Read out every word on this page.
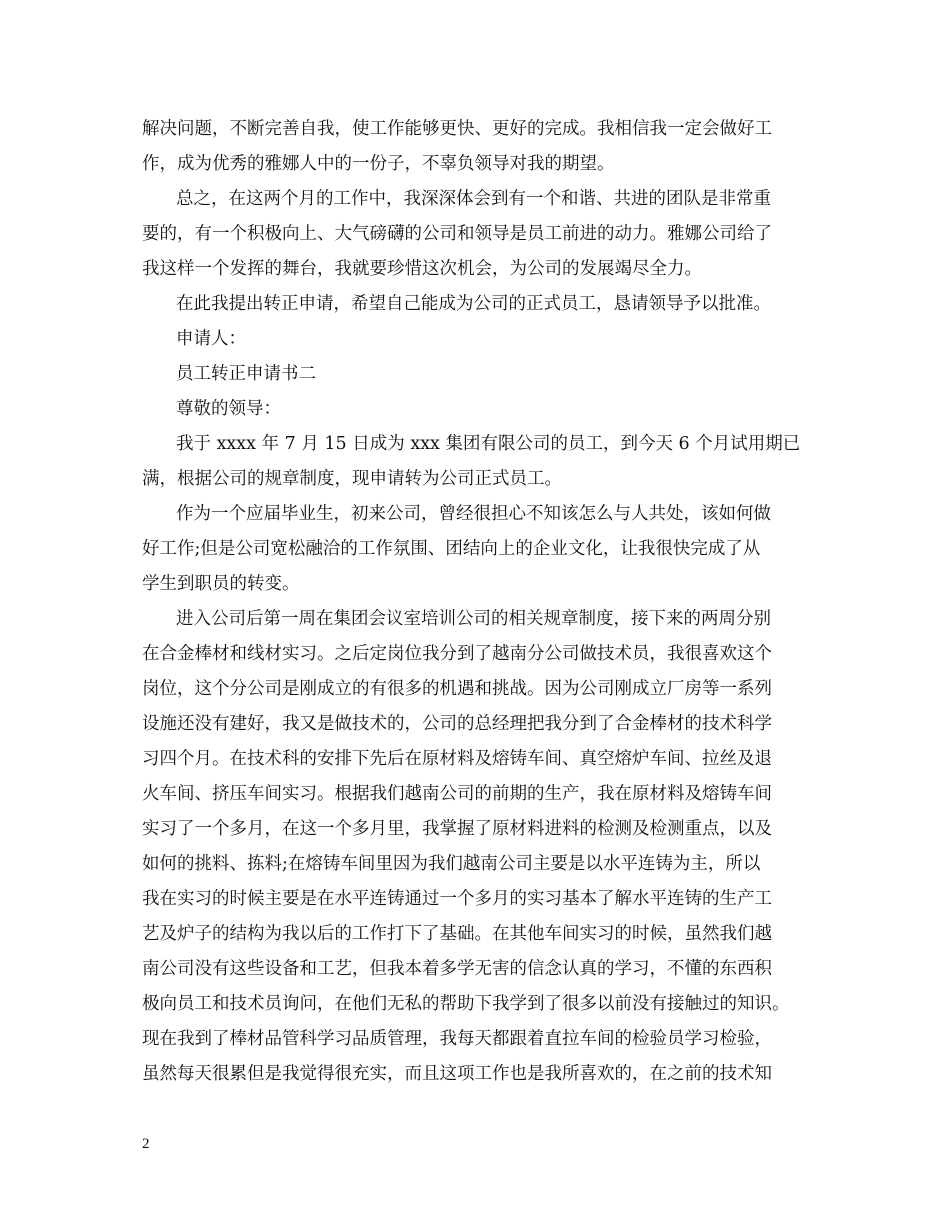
解决问题，不断完善自我，使工作能够更快、更好的完成。我相信我一定会做好工
作，成为优秀的雅娜人中的一份子，不辜负领导对我的期望。
总之，在这两个月的工作中，我深深体会到有一个和谐、共进的团队是非常重
要的，有一个积极向上、大气磅礴的公司和领导是员工前进的动力。雅娜公司给了
我这样一个发挥的舞台，我就要珍惜这次机会，为公司的发展竭尽全力。
在此我提出转正申请，希望自己能成为公司的正式员工，恳请领导予以批准。
申请人：
员工转正申请书二
尊敬的领导：
我于 xxxx 年 7 月 15 日成为 xxx 集团有限公司的员工，到今天 6 个月试用期已
满，根据公司的规章制度，现申请转为公司正式员工。
作为一个应届毕业生，初来公司，曾经很担心不知该怎么与人共处，该如何做
好工作;但是公司宽松融洽的工作氛围、团结向上的企业文化，让我很快完成了从
学生到职员的转变。
进入公司后第一周在集团会议室培训公司的相关规章制度，接下来的两周分别
在合金棒材和线材实习。之后定岗位我分到了越南分公司做技术员，我很喜欢这个
岗位，这个分公司是刚成立的有很多的机遇和挑战。因为公司刚成立厂房等一系列
设施还没有建好，我又是做技术的，公司的总经理把我分到了合金棒材的技术科学
习四个月。在技术科的安排下先后在原材料及熔铸车间、真空熔炉车间、拉丝及退
火车间、挤压车间实习。根据我们越南公司的前期的生产，我在原材料及熔铸车间
实习了一个多月，在这一个多月里，我掌握了原材料进料的检测及检测重点，以及
如何的挑料、拣料;在熔铸车间里因为我们越南公司主要是以水平连铸为主，所以
我在实习的时候主要是在水平连铸通过一个多月的实习基本了解水平连铸的生产工
艺及炉子的结构为我以后的工作打下了基础。在其他车间实习的时候，虽然我们越
南公司没有这些设备和工艺，但我本着多学无害的信念认真的学习，不懂的东西积
极向员工和技术员询问，在他们无私的帮助下我学到了很多以前没有接触过的知识。
现在我到了棒材品管科学习品质管理，我每天都跟着直拉车间的检验员学习检验，
虽然每天很累但是我觉得很充实，而且这项工作也是我所喜欢的，在之前的技术知
2
